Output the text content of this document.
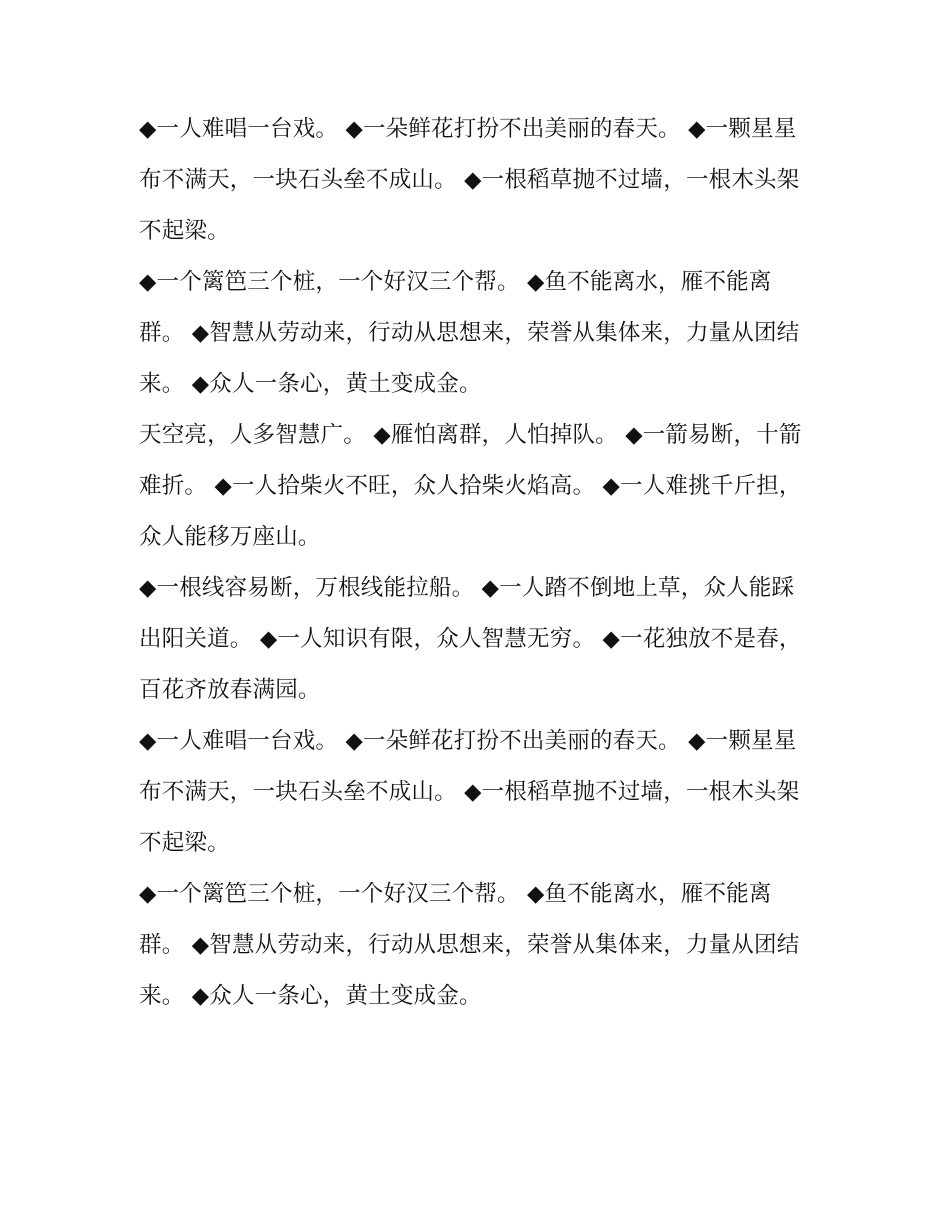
◆一人难唱一台戏。 ◆一朵鲜花打扮不出美丽的春天。 ◆一颗星星布不满天，一块石头垒不成山。 ◆一根稻草抛不过墙，一根木头架不起梁。

◆一个篱笆三个桩，一个好汉三个帮。 ◆鱼不能离水，雁不能离群。 ◆智慧从劳动来，行动从思想来，荣誉从集体来，力量从团结来。 ◆众人一条心，黄土变成金。

天空亮，人多智慧广。 ◆雁怕离群，人怕掉队。 ◆一箭易断，十箭难折。 ◆一人拾柴火不旺，众人拾柴火焰高。 ◆一人难挑千斤担，众人能移万座山。

◆一根线容易断，万根线能拉船。 ◆一人踏不倒地上草，众人能踩出阳关道。 ◆一人知识有限，众人智慧无穷。 ◆一花独放不是春，百花齐放春满园。

◆一人难唱一台戏。 ◆一朵鲜花打扮不出美丽的春天。 ◆一颗星星布不满天，一块石头垒不成山。 ◆一根稻草抛不过墙，一根木头架不起梁。

◆一个篱笆三个桩，一个好汉三个帮。 ◆鱼不能离水，雁不能离群。 ◆智慧从劳动来，行动从思想来，荣誉从集体来，力量从团结来。 ◆众人一条心，黄土变成金。
